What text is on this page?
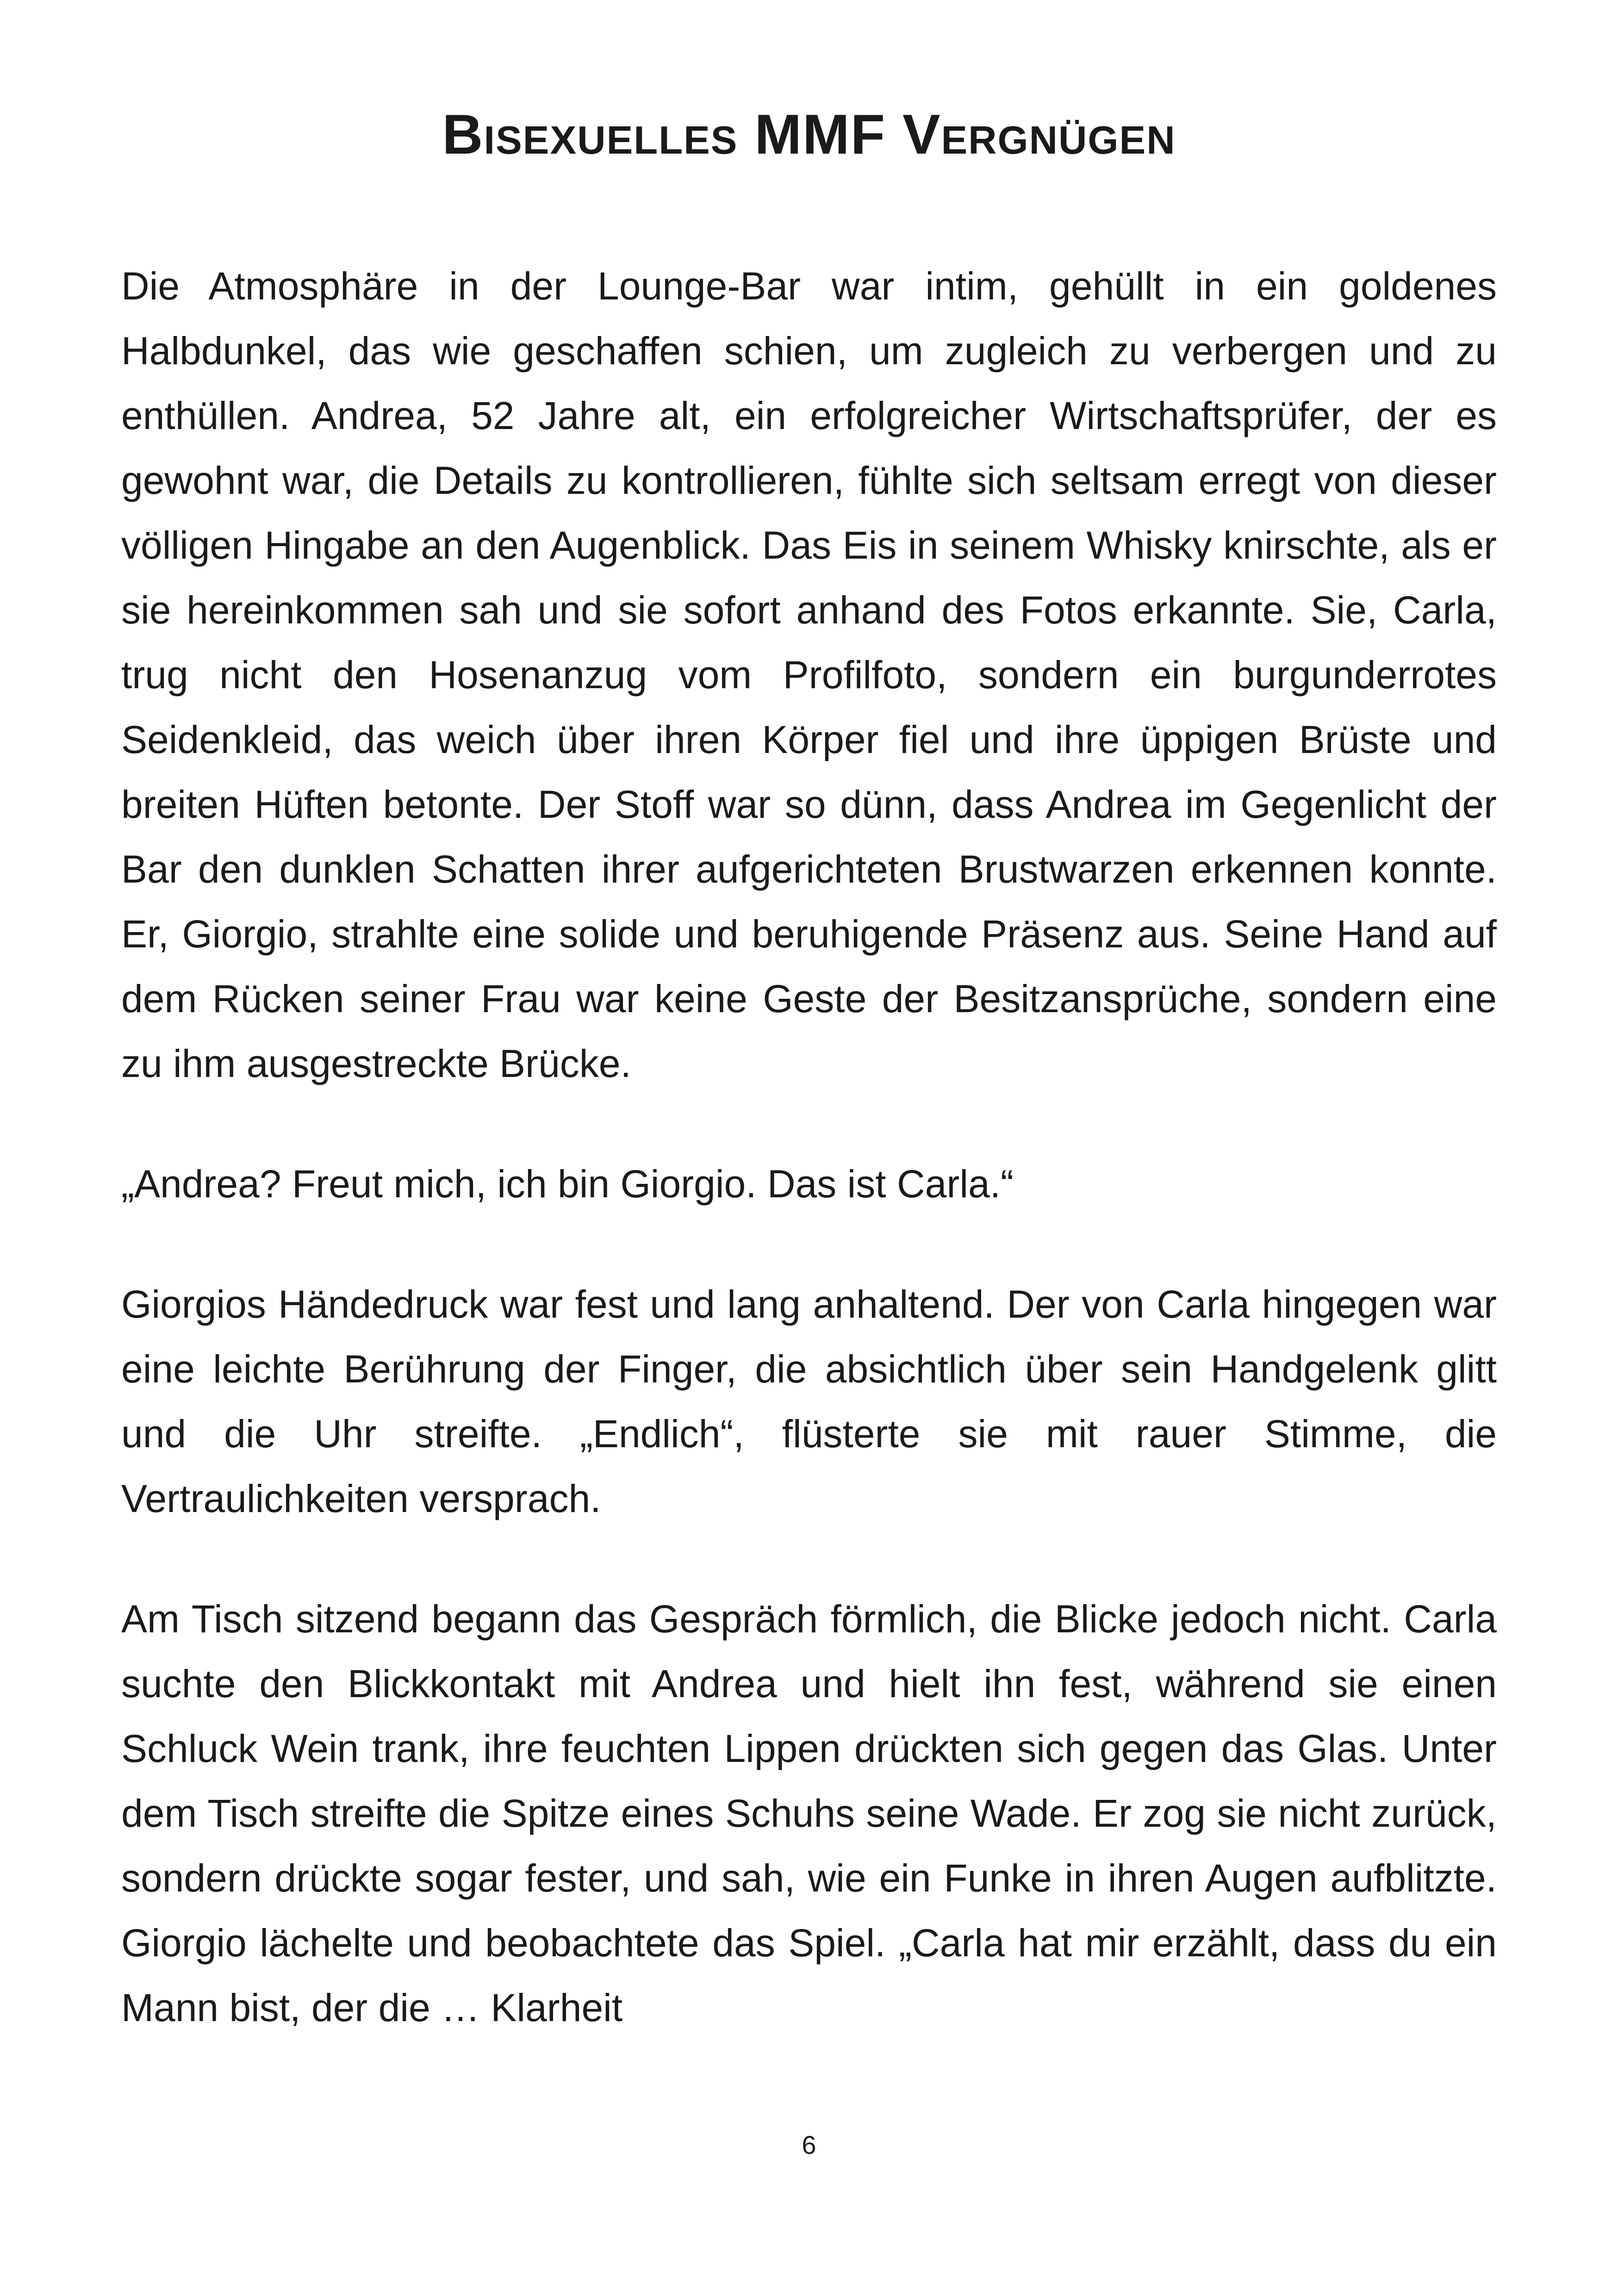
Bisexuelles MMF Vergnügen

Die Atmosphäre in der Lounge-Bar war intim, gehüllt in ein goldenes Halbdunkel, das wie geschaffen schien, um zugleich zu verbergen und zu enthüllen. Andrea, 52 Jahre alt, ein erfolgreicher Wirtschaftsprüfer, der es gewohnt war, die Details zu kontrollieren, fühlte sich seltsam erregt von dieser völligen Hingabe an den Augenblick. Das Eis in seinem Whisky knirschte, als er sie hereinkommen sah und sie sofort anhand des Fotos erkannte. Sie, Carla, trug nicht den Hosenanzug vom Profilfoto, sondern ein burgunderrotes Seidenkleid, das weich über ihren Körper fiel und ihre üppigen Brüste und breiten Hüften betonte. Der Stoff war so dünn, dass Andrea im Gegenlicht der Bar den dunklen Schatten ihrer aufgerichteten Brustwarzen erkennen konnte. Er, Giorgio, strahlte eine solide und beruhigende Präsenz aus. Seine Hand auf dem Rücken seiner Frau war keine Geste der Besitzansprüche, sondern eine zu ihm ausgestreckte Brücke.

„Andrea? Freut mich, ich bin Giorgio. Das ist Carla.“

Giorgios Händedruck war fest und lang anhaltend. Der von Carla hingegen war eine leichte Berührung der Finger, die absichtlich über sein Handgelenk glitt und die Uhr streifte. „Endlich“, flüsterte sie mit rauer Stimme, die Vertraulichkeiten versprach.

Am Tisch sitzend begann das Gespräch förmlich, die Blicke jedoch nicht. Carla suchte den Blickkontakt mit Andrea und hielt ihn fest, während sie einen Schluck Wein trank, ihre feuchten Lippen drückten sich gegen das Glas. Unter dem Tisch streifte die Spitze eines Schuhs seine Wade. Er zog sie nicht zurück, sondern drückte sogar fester, und sah, wie ein Funke in ihren Augen aufblitzte. Giorgio lächelte und beobachtete das Spiel. „Carla hat mir erzählt, dass du ein Mann bist, der die … Klarheit

6
